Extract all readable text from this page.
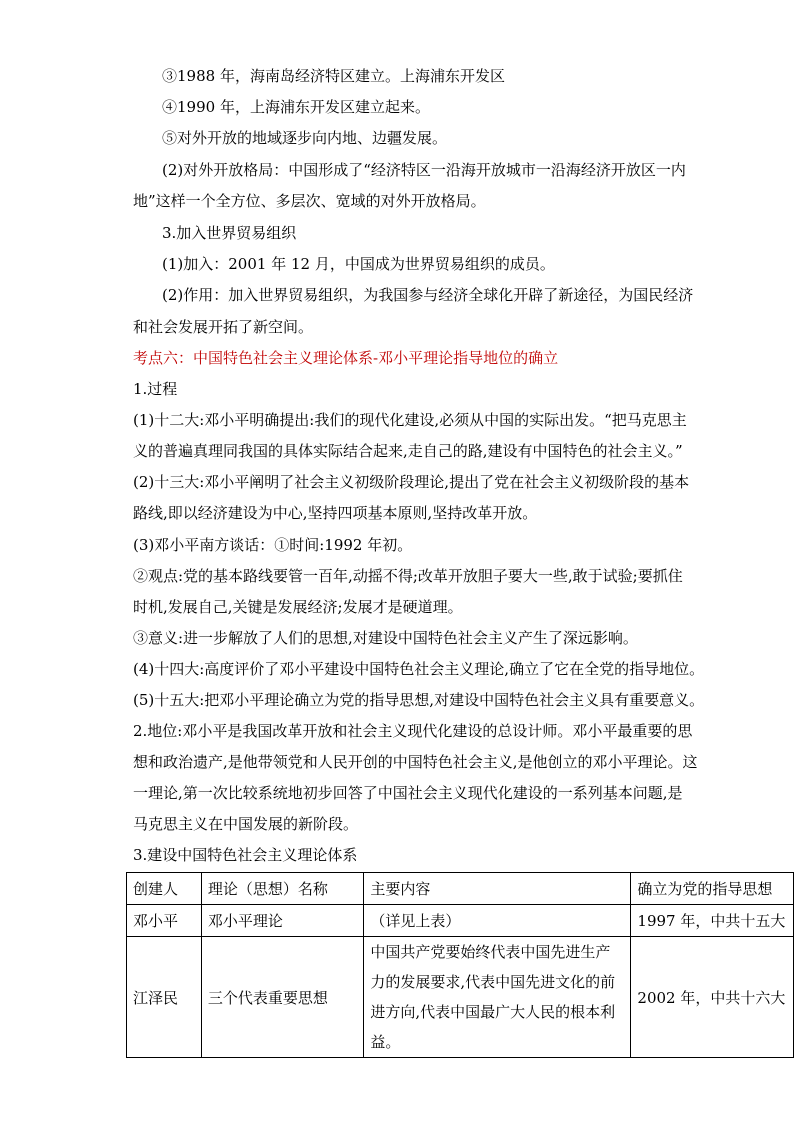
③1988 年，海南岛经济特区建立。上海浦东开发区
④1990 年，上海浦东开发区建立起来。
⑤对外开放的地域逐步向内地、边疆发展。
(2)对外开放格局：中国形成了“经济特区一沿海开放城市一沿海经济开放区一内
地”这样一个全方位、多层次、宽域的对外开放格局。
3.加入世界贸易组织
(1)加入：2001 年 12 月，中国成为世界贸易组织的成员。
(2)作用：加入世界贸易组织，为我国参与经济全球化开辟了新途径，为国民经济
和社会发展开拓了新空间。
考点六：中国特色社会主义理论体系-邓小平理论指导地位的确立
1.过程
(1)十二大:邓小平明确提出:我们的现代化建设,必须从中国的实际出发。“把马克思主
义的普遍真理同我国的具体实际结合起来,走自己的路,建设有中国特色的社会主义。”
(2)十三大:邓小平阐明了社会主义初级阶段理论,提出了党在社会主义初级阶段的基本
路线,即以经济建设为中心,坚持四项基本原则,坚持改革开放。
(3)邓小平南方谈话：①时间:1992 年初。
②观点:党的基本路线要管一百年,动摇不得;改革开放胆子要大一些,敢于试验;要抓住
时机,发展自己,关键是发展经济;发展才是硬道理。
③意义:进一步解放了人们的思想,对建设中国特色社会主义产生了深远影响。
(4)十四大:高度评价了邓小平建设中国特色社会主义理论,确立了它在全党的指导地位。
(5)十五大:把邓小平理论确立为党的指导思想,对建设中国特色社会主义具有重要意义。
2.地位:邓小平是我国改革开放和社会主义现代化建设的总设计师。邓小平最重要的思
想和政治遗产,是他带领党和人民开创的中国特色社会主义,是他创立的邓小平理论。这
一理论,第一次比较系统地初步回答了中国社会主义现代化建设的一系列基本问题,是
马克思主义在中国发展的新阶段。
3.建设中国特色社会主义理论体系
创建人	理论（思想）名称	主要内容	确立为党的指导思想
邓小平	邓小平理论	（详见上表）	1997 年，中共十五大
江泽民	三个代表重要思想	中国共产党要始终代表中国先进生产力的发展要求,代表中国先进文化的前进方向,代表中国最广大人民的根本利益。	2002 年，中共十六大
